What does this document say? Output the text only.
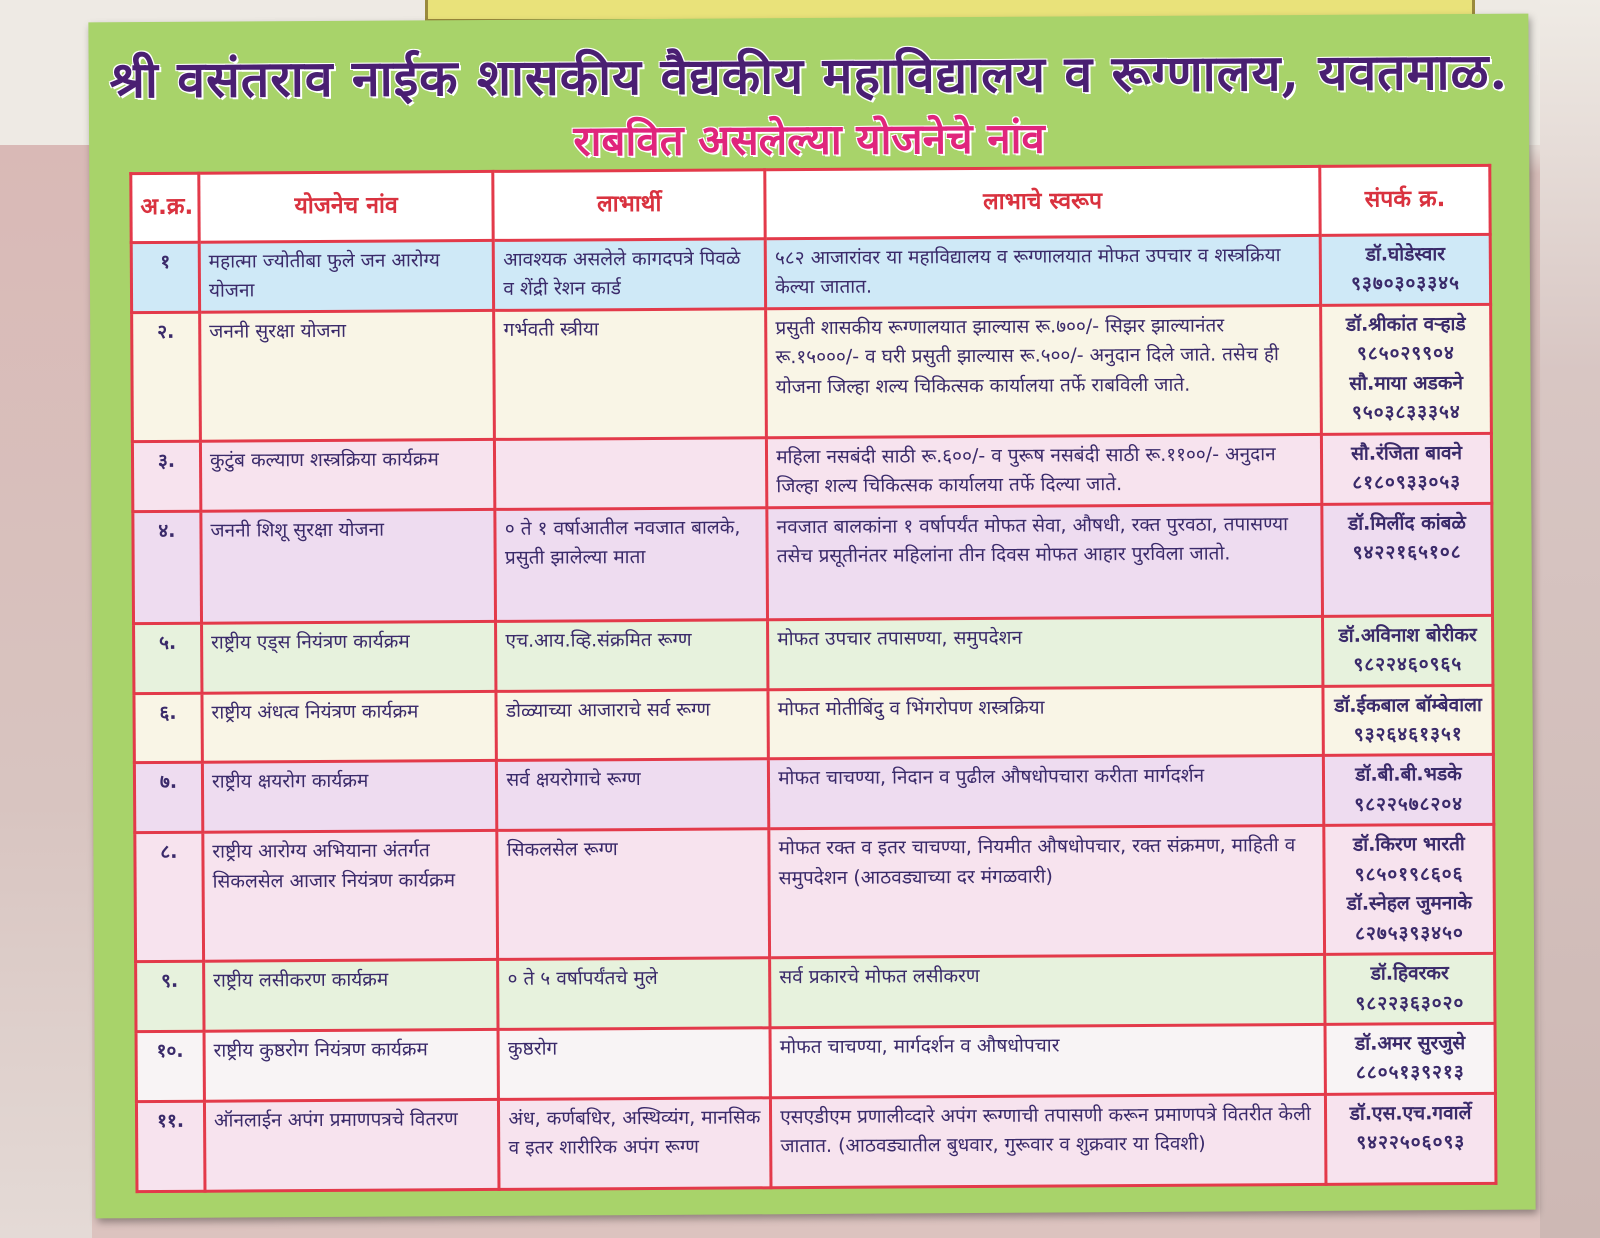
श्री वसंतराव नाईक शासकीय वैद्यकीय महाविद्यालय व रूग्णालय, यवतमाळ.
राबवित असलेल्या योजनेचे नांव
अ.क्र.	योजनेच नांव	लाभार्थी	लाभाचे स्वरूप	संपर्क क्र.
१	महात्मा ज्योतीबा फुले जन आरोग्य योजना	आवश्यक असलेले कागदपत्रे पिवळे व शेंद्री रेशन कार्ड	५८२ आजारांवर या महाविद्यालय व रूग्णालयात मोफत उपचार व शस्त्रक्रिया केल्या जातात.	डॉ.घोडेस्वार
९३७०३०३३४५

२.	जननी सुरक्षा योजना	गर्भवती स्त्रीया	प्रसुती शासकीय रूग्णालयात झाल्यास रू.७००/- सिझर झाल्यानंतर रू.१५०००/- व घरी प्रसुती झाल्यास रू.५००/- अनुदान दिले जाते. तसेच ही योजना जिल्हा शल्य चिकित्सक कार्यालया तर्फे राबविली जाते.	डॉ.श्रीकांत वऱ्हाडे
९८५०२९९०४
सौ.माया अडकने
९५०३८३३३५४

३.	कुटुंब कल्याण शस्त्रक्रिया कार्यक्रम		महिला नसबंदी साठी रू.६००/- व पुरूष नसबंदी साठी रू.११००/- अनुदान जिल्हा शल्य चिकित्सक कार्यालया तर्फे दिल्या जाते.	सौ.रंजिता बावने
८१८०९३३०५३

४.	जननी शिशू सुरक्षा योजना	० ते १ वर्षाआतील नवजात बालके, प्रसुती झालेल्या माता	नवजात बालकांना १ वर्षापर्यंत मोफत सेवा, औषधी, रक्त पुरवठा, तपासण्या तसेच प्रसूतीनंतर महिलांना तीन दिवस मोफत आहार पुरविला जातो.	डॉ.मिलींद कांबळे
९४२२१६५१०८

५.	राष्ट्रीय एड्स नियंत्रण कार्यक्रम	एच.आय.व्हि.संक्रमित रूग्ण	मोफत उपचार तपासण्या, समुपदेशन	डॉ.अविनाश बोरीकर
९८२२४६०९६५

६.	राष्ट्रीय अंधत्व नियंत्रण कार्यक्रम	डोळ्याच्या आजाराचे सर्व रूग्ण	मोफत मोतीबिंदु व भिंगरोपण शस्त्रक्रिया	डॉ.ईकबाल बॉम्बेवाला
९३२६४६१३५१

७.	राष्ट्रीय क्षयरोग कार्यक्रम	सर्व क्षयरोगाचे रूग्ण	मोफत चाचण्या, निदान व पुढील औषधोपचारा करीता मार्गदर्शन	डॉ.बी.बी.भडके
९८२२५७८२०४

८.	राष्ट्रीय आरोग्य अभियाना अंतर्गत सिकलसेल आजार नियंत्रण कार्यक्रम	सिकलसेल रूग्ण	मोफत रक्त व इतर चाचण्या, नियमीत औषधोपचार, रक्त संक्रमण, माहिती व समुपदेशन (आठवड्याच्या दर मंगळवारी)	डॉ.किरण भारती
९८५०१९८६०६
डॉ.स्नेहल जुमनाके
८२७५३९३४५०

९.	राष्ट्रीय लसीकरण कार्यक्रम	० ते ५ वर्षापर्यंतचे मुले	सर्व प्रकारचे मोफत लसीकरण	डॉ.हिवरकर
९८२२३६३०२०

१०.	राष्ट्रीय कुष्ठरोग नियंत्रण कार्यक्रम	कुष्ठरोग	मोफत चाचण्या, मार्गदर्शन व औषधोपचार	डॉ.अमर सुरजुसे
८८०५१३९२१३

११.	ऑनलाईन अपंग प्रमाणपत्रचे वितरण	अंध, कर्णबधिर, अस्थिव्यंग, मानसिक व इतर शारीरिक अपंग रूग्ण	एसएडीएम प्रणालीव्दारे अपंग रूग्णाची तपासणी करून प्रमाणपत्रे वितरीत केली जातात. (आठवड्यातील बुधवार, गुरूवार व शुक्रवार या दिवशी)	डॉ.एस.एच.गवार्ले
९४२२५०६०९३
